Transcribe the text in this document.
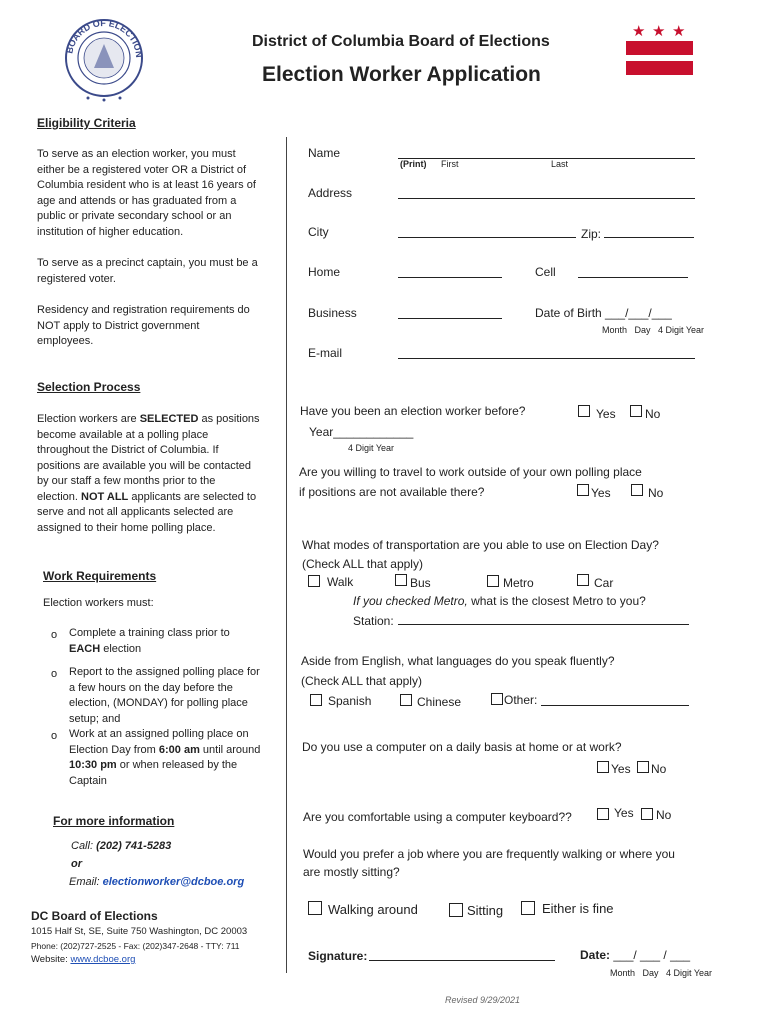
BOARD OF ELECTION
District of Columbia Board of Elections
Election Worker Application
★ ★ ★
Eligibility Criteria
To serve as an election worker, you must
either be a registered voter OR a District of
Columbia resident who is at least 16 years of
age and attends or has graduated from a
public or private secondary school or an
institution of higher education.
To serve as a precinct captain, you must be a
registered voter.
Residency and registration requirements do
NOT apply to District government
employees.
Selection Process
Election workers are SELECTED as positions
become available at a polling place
throughout the District of Columbia. If
positions are available you will be contacted
by our staff a few months prior to the
election. NOT ALL applicants are selected to
serve and not all applicants selected are
assigned to their home polling place.
Work Requirements
Election workers must:
o Complete a training class prior to
EACH election
o Report to the assigned polling place for
a few hours on the day before the
election, (MONDAY) for polling place
setup; and
o Work at an assigned polling place on
Election Day from 6:00 am until around
10:30 pm or when released by the
Captain
For more information
Call: (202) 741-5283
or
Email: electionworker@dcboe.org
DC Board of Elections
1015 Half St, SE, Suite 750 Washington, DC 20003
Phone: (202)727-2525 - Fax: (202)347-2648 - TTY: 711
Website: www.dcboe.org
Name
(Print) First	Last
Address
City	Zip:
Home	Cell
Business	Date of Birth ___/___/___
Month   Day   4 Digit Year
E-mail
Have you been an election worker before?	Yes No
Year____________
4 Digit Year
Are you willing to travel to work outside of your own polling place
if positions are not available there?	Yes	No
What modes of transportation are you able to use on Election Day?
(Check ALL that apply)
Walk	Bus	Metro	Car
If you checked Metro, what is the closest Metro to you?
Station:
Aside from English, what languages do you speak fluently?
(Check ALL that apply)
Spanish	Chinese	Other:
Do you use a computer on a daily basis at home or at work?
Yes No
Are you comfortable using a computer keyboard??	Yes No
Would you prefer a job where you are frequently walking or where you
are mostly sitting?
Walking around	Sitting	Either is fine
Signature:	Date: ___/ ___ / ___
Month   Day   4 Digit Year
Revised 9/29/2021
